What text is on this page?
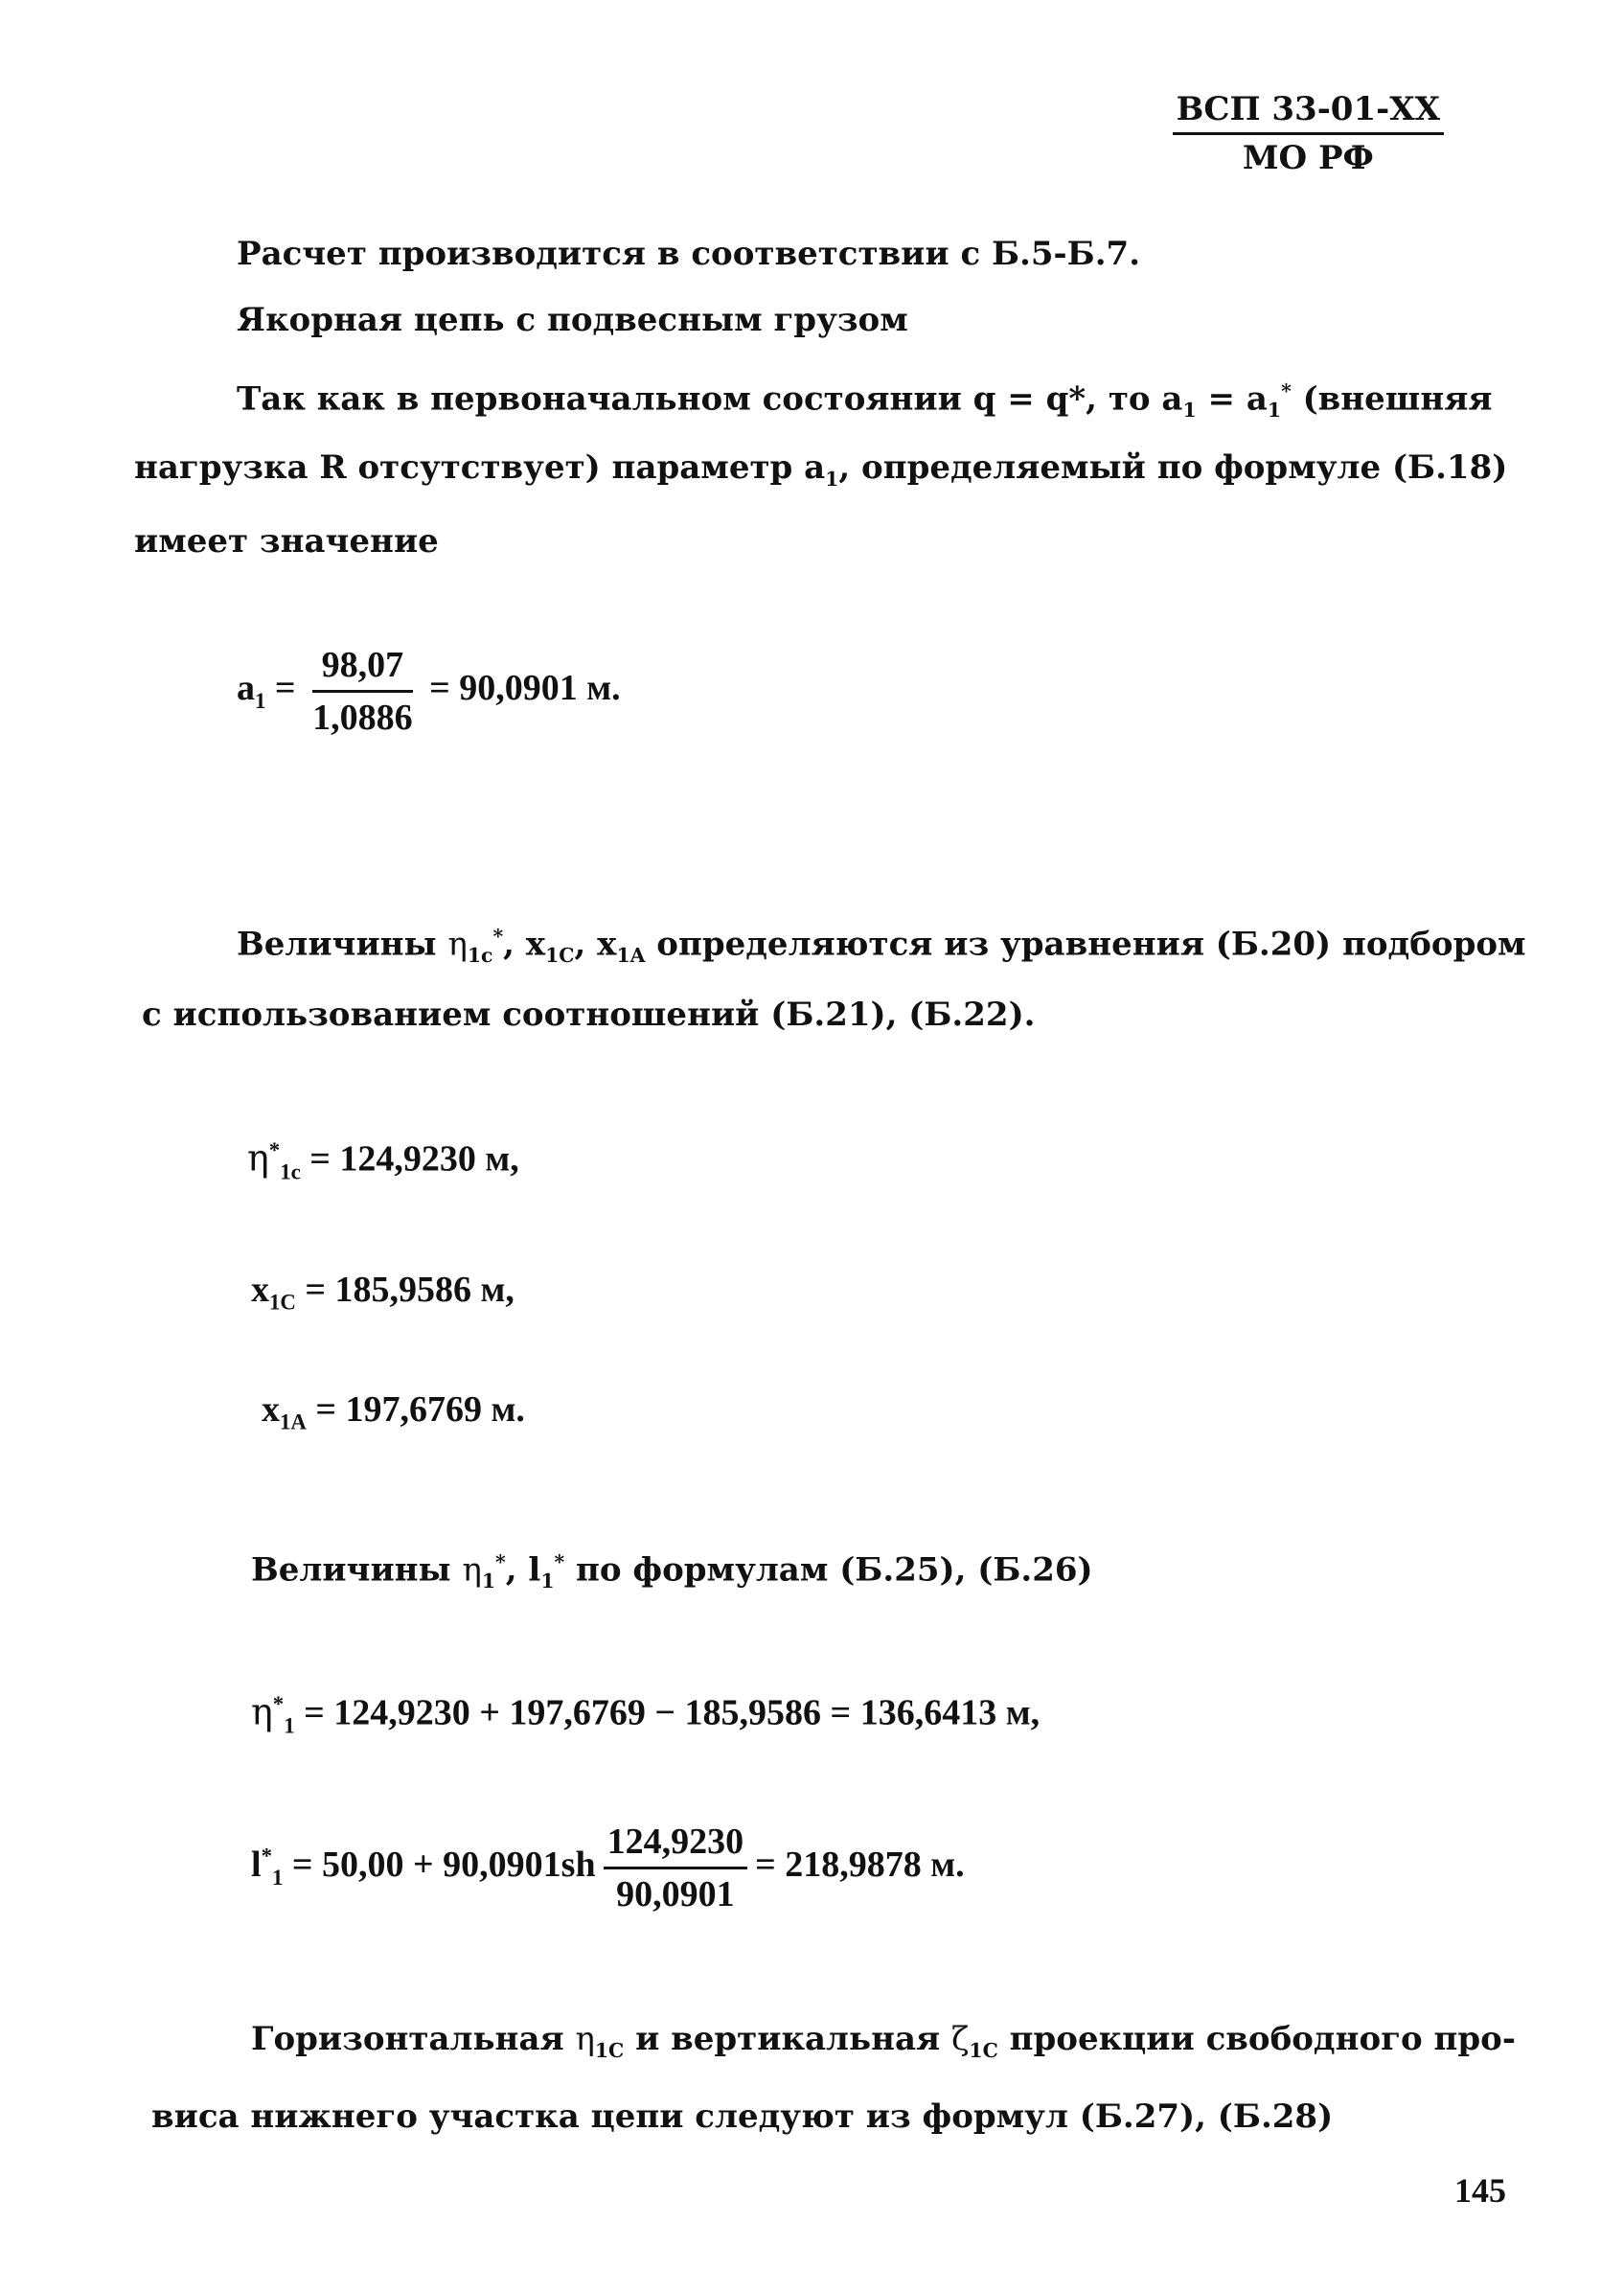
ВСП 33-01-ХХ
МО РФ
Расчет производится в соответствии с Б.5-Б.7.
Якорная цепь с подвесным грузом
Так как в первоначальном состоянии q = q*, то $a_1 = a_1^*$ (внешняя
нагрузка R отсутствует) параметр $a_1$, определяемый по формуле (Б.18)
имеет значение
$a_1 = \frac{98,07}{1,0886} = 90,0901$ м.
Величины $\eta_{1c}^*$, $x_{1C}$, $x_{1A}$ определяются из уравнения (Б.20) подбором
с использованием соотношений (Б.21), (Б.22).
$\eta^*_{1c} = 124,9230$ м,
$x_{1C} = 185,9586$ м,
$x_{1A} = 197,6769$ м.
Величины $\eta_1^*$, $l_1^*$ по формулам (Б.25), (Б.26)
$\eta^*_1 = 124,9230 + 197,6769 - 185,9586 = 136,6413$ м,
$l^*_1 = 50,00 + 90,0901sh \frac{124,9230}{90,0901} = 218,9878$ м.
Горизонтальная $\eta_{1C}$ и вертикальная $\zeta_{1C}$ проекции свободного про-
виса нижнего участка цепи следуют из формул (Б.27), (Б.28)
145
